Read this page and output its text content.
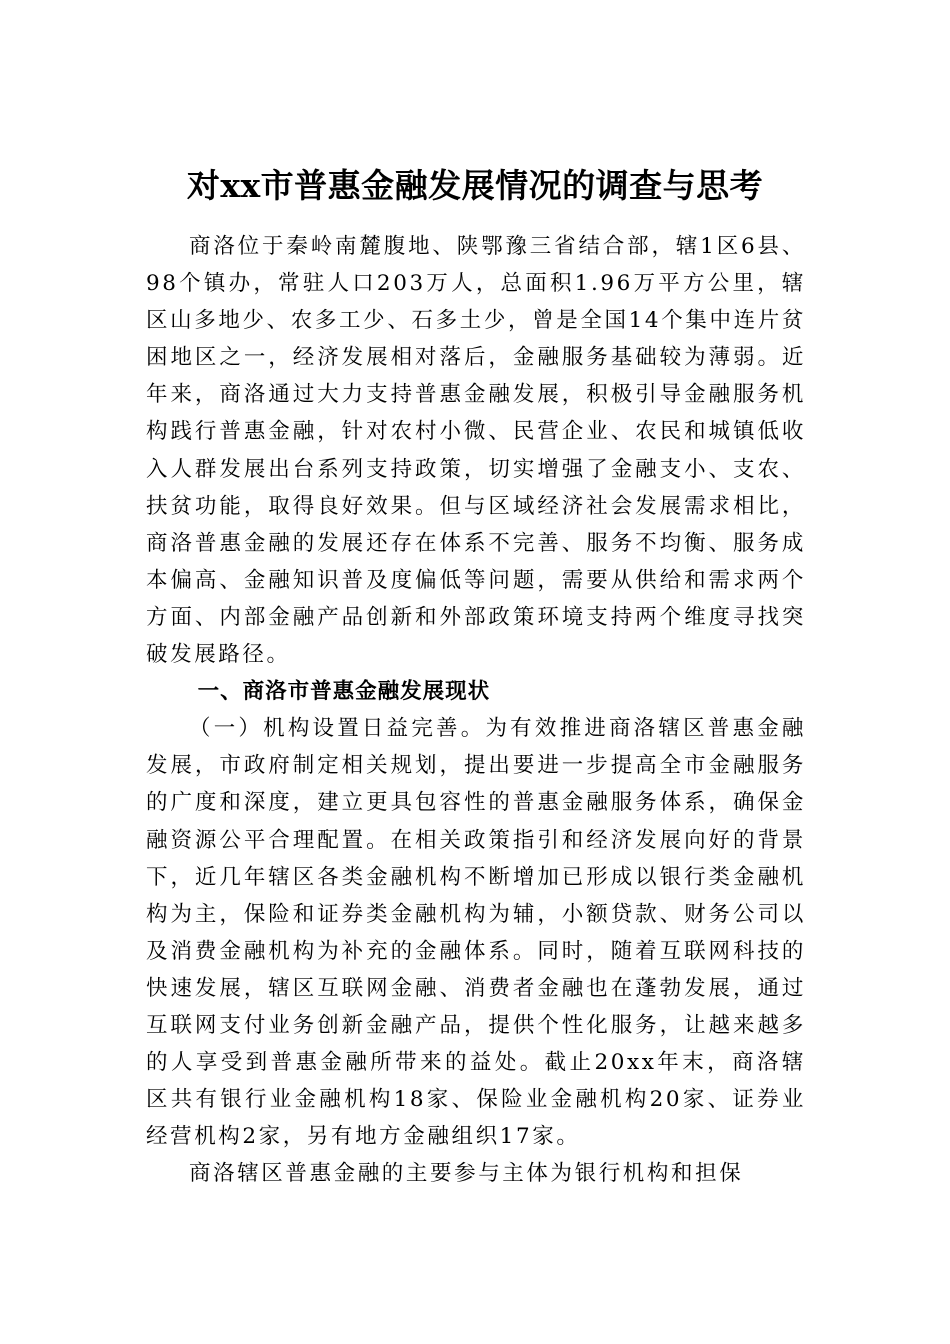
对xx市普惠金融发展情况的调查与思考

商洛位于秦岭南麓腹地、陕鄂豫三省结合部，辖1区6县、98个镇办，常驻人口203万人，总面积1.96万平方公里，辖区山多地少、农多工少、石多土少，曾是全国14个集中连片贫困地区之一，经济发展相对落后，金融服务基础较为薄弱。近年来，商洛通过大力支持普惠金融发展，积极引导金融服务机构践行普惠金融，针对农村小微、民营企业、农民和城镇低收入人群发展出台系列支持政策，切实增强了金融支小、支农、扶贫功能，取得良好效果。但与区域经济社会发展需求相比，商洛普惠金融的发展还存在体系不完善、服务不均衡、服务成本偏高、金融知识普及度偏低等问题，需要从供给和需求两个方面、内部金融产品创新和外部政策环境支持两个维度寻找突破发展路径。

一、商洛市普惠金融发展现状

（一）机构设置日益完善。为有效推进商洛辖区普惠金融发展，市政府制定相关规划，提出要进一步提高全市金融服务的广度和深度，建立更具包容性的普惠金融服务体系，确保金融资源公平合理配置。在相关政策指引和经济发展向好的背景下，近几年辖区各类金融机构不断增加已形成以银行类金融机构为主，保险和证券类金融机构为辅，小额贷款、财务公司以及消费金融机构为补充的金融体系。同时，随着互联网科技的快速发展，辖区互联网金融、消费者金融也在蓬勃发展，通过互联网支付业务创新金融产品，提供个性化服务，让越来越多的人享受到普惠金融所带来的益处。截止20xx年末，商洛辖区共有银行业金融机构18家、保险业金融机构20家、证券业经营机构2家，另有地方金融组织17家。

商洛辖区普惠金融的主要参与主体为银行机构和担保
